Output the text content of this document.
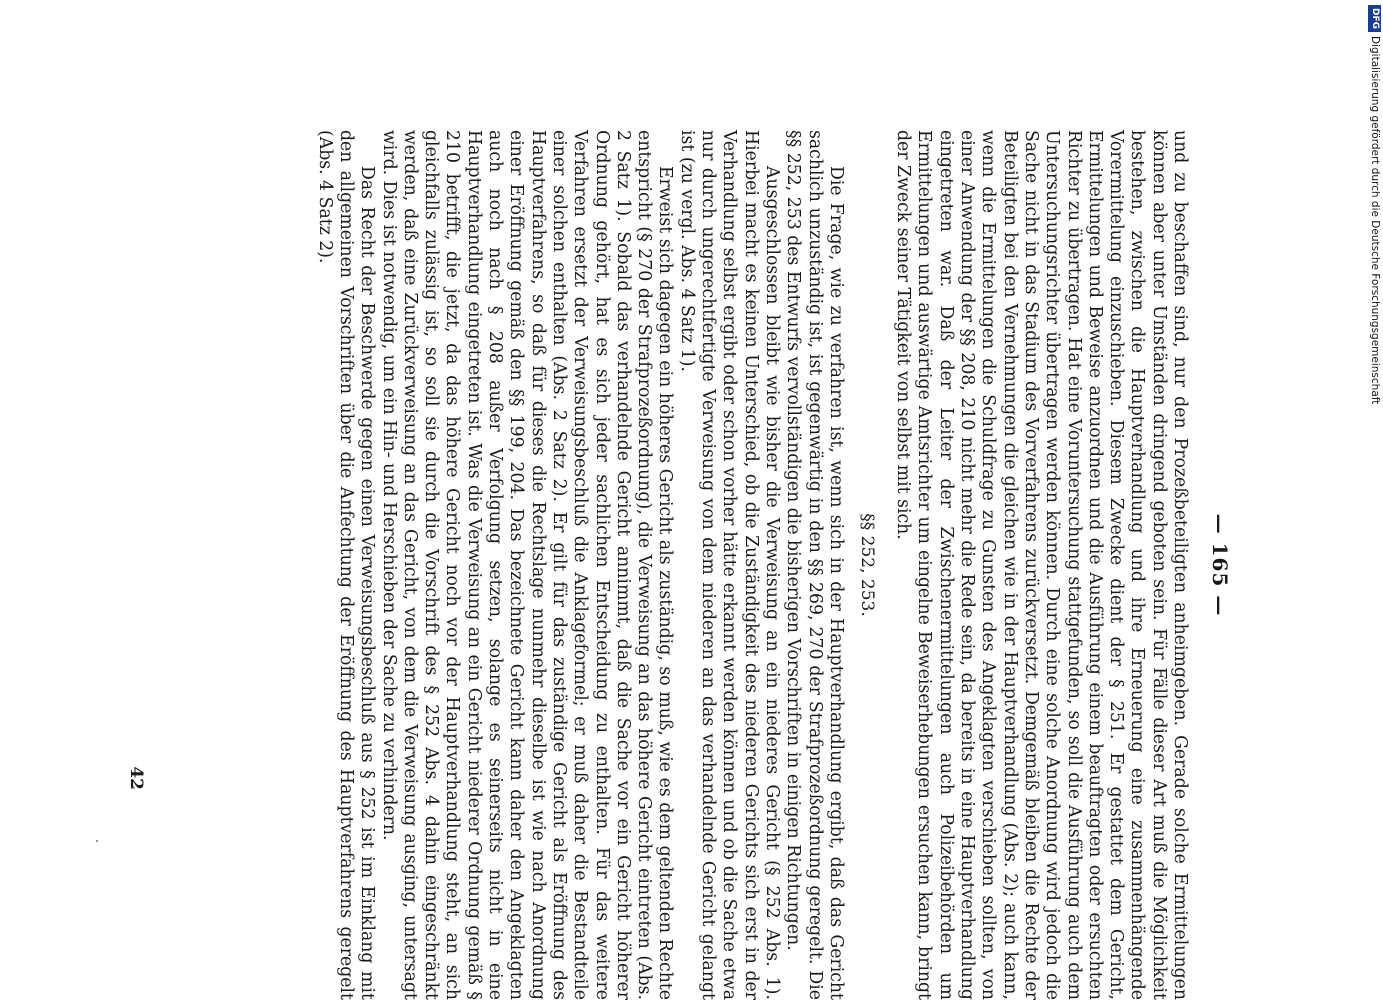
— 165 —

und zu beschaffen sind, nur den Prozeßbeteiligten anheimgeben. Gerade solche Ermittelungen können aber unter Umständen dringend geboten sein. Für Fälle dieser Art muß die Möglichkeit bestehen, zwischen die Hauptverhandlung und ihre Erneuerung eine zusammenhängende Vorermittelung einzuschieben. Diesem Zwecke dient der § 251. Er gestattet dem Gericht, Ermittelungen und Beweise anzuordnen und die Ausführung einem beauftragten oder ersuchten Richter zu übertragen. Hat eine Voruntersuchung stattgefunden, so soll die Ausführung auch dem Untersuchungsrichter übertragen werden können. Durch eine solche Anordnung wird jedoch die Sache nicht in das Stadium des Vorverfahrens zurückversetzt. Demgemäß bleiben die Rechte der Beteiligten bei den Vernehmungen die gleichen wie in der Hauptverhandlung (Abs. 2); auch kann, wenn die Ermittelungen die Schuldfrage zu Gunsten des Angeklagten verschieben sollten, von einer Anwendung der §§ 208, 210 nicht mehr die Rede sein, da bereits in eine Hauptverhandlung eingetreten war. Daß der Leiter der Zwischenermittelungen auch Polizeibehörden um Ermittelungen und auswärtige Amtsrichter um eingelne Beweiserhebungen ersuchen kann, bringt der Zweck seiner Tätigkeit von selbst mit sich.

§§ 252, 253.

Die Frage, wie zu verfahren ist, wenn sich in der Hauptverhandlung ergibt, daß das Gericht sachlich unzuständig ist, ist gegenwärtig in den §§ 269, 270 der Strafprozeßordnung geregelt. Die §§ 252, 253 des Entwurfs vervollständigen die bisherigen Vorschriften in einigen Richtungen.

Ausgeschlossen bleibt wie bisher die Verweisung an ein niederes Gericht (§ 252 Abs. 1). Hierbei macht es keinen Unterschied, ob die Zuständigkeit des niederen Gerichts sich erst in der Verhandlung selbst ergibt oder schon vorher hätte erkannt werden können und ob die Sache etwa nur durch ungerechtfertigte Verweisung von dem niederen an das verhandelnde Gericht gelangt ist (zu vergl. Abs. 4 Satz 1).

Erweist sich dagegen ein höheres Gericht als zuständig, so muß, wie es dem geltenden Rechte entspricht (§ 270 der Strafprozeßordnung), die Verweisung an das höhere Gericht eintreten (Abs. 2 Satz 1). Sobald das verhandelnde Gericht annimmt, daß die Sache vor ein Gericht höherer Ordnung gehört, hat es sich jeder sachlichen Entscheidung zu enthalten. Für das weitere Verfahren ersetzt der Verweisungsbeschluß die Anklageformel; er muß daher die Bestandteile einer solchen enthalten (Abs. 2 Satz 2). Er gilt für das zuständige Gericht als Eröffnung des Hauptverfahrens, so daß für dieses die Rechtslage nunmehr dieselbe ist wie nach Anordnung einer Eröffnung gemäß den §§ 199, 204. Das bezeichnete Gericht kann daher den Angeklagten auch noch nach § 208 außer Verfolgung setzen, solange es seinerseits nicht in eine Hauptverhandlung eingetreten ist. Was die Verweisung an ein Gericht niederer Ordnung gemäß § 210 betrifft, die jetzt, da das höhere Gericht noch vor der Hauptverhandlung steht, an sich gleichfalls zulässig ist, so soll sie durch die Vorschrift des § 252 Abs. 4 dahin eingeschränkt werden, daß eine Zurückverweisung an das Gericht, von dem die Verweisung ausging, untersagt wird. Dies ist notwendig, um ein Hin- und Herschieben der Sache zu verhindern.

Das Recht der Beschwerde gegen einen Verweisungsbeschluß aus § 252 ist im Einklang mit den allgemeinen Vorschriften über die Anfechtung der Eröffnung des Hauptverfahrens geregelt (Abs. 4 Satz 2).

42
DFGDigitalisierung gefördert durch die Deutsche Forschungsgemeinschaft
